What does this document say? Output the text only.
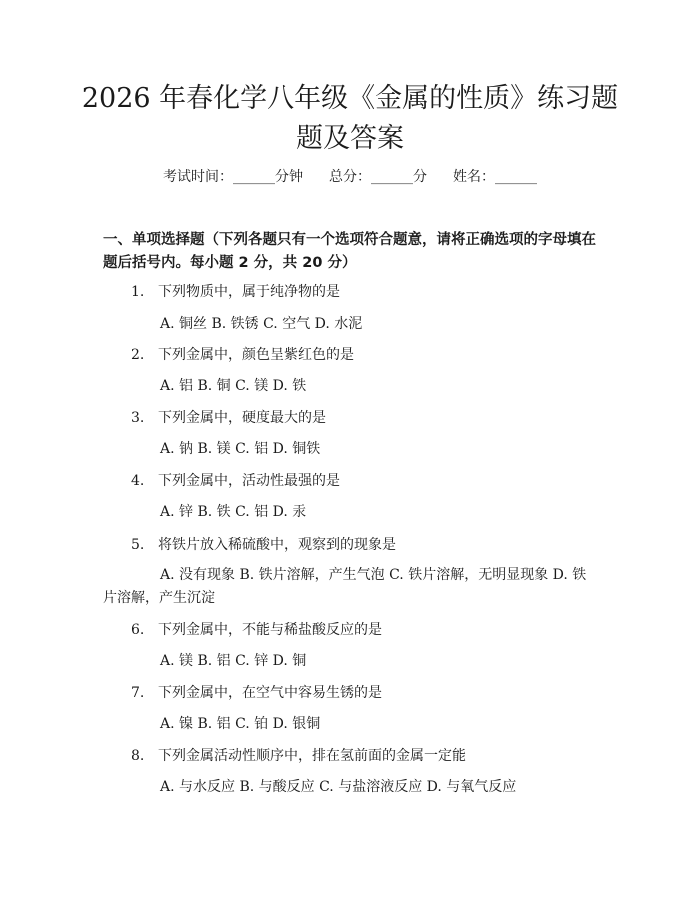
2026 年春化学八年级《金属的性质》练习题
题及答案
考试时间：______分钟 总分：______分 姓名：______

一、单项选择题（下列各题只有一个选项符合题意，请将正确选项的字母填在题后括号内。每小题 2 分，共 20 分）

1. 下列物质中，属于纯净物的是
A. 铜丝 B. 铁锈 C. 空气 D. 水泥
2. 下列金属中，颜色呈紫红色的是
A. 铝 B. 铜 C. 镁 D. 铁
3. 下列金属中，硬度最大的是
A. 钠 B. 镁 C. 铝 D. 铜铁
4. 下列金属中，活动性最强的是
A. 锌 B. 铁 C. 铝 D. 汞
5. 将铁片放入稀硫酸中，观察到的现象是
A. 没有现象 B. 铁片溶解，产生气泡 C. 铁片溶解，无明显现象 D. 铁片溶解，产生沉淀
6. 下列金属中，不能与稀盐酸反应的是
A. 镁 B. 铝 C. 锌 D. 铜
7. 下列金属中，在空气中容易生锈的是
A. 镍 B. 铝 C. 铂 D. 银铜
8. 下列金属活动性顺序中，排在氢前面的金属一定能
A. 与水反应 B. 与酸反应 C. 与盐溶液反应 D. 与氧气反应
